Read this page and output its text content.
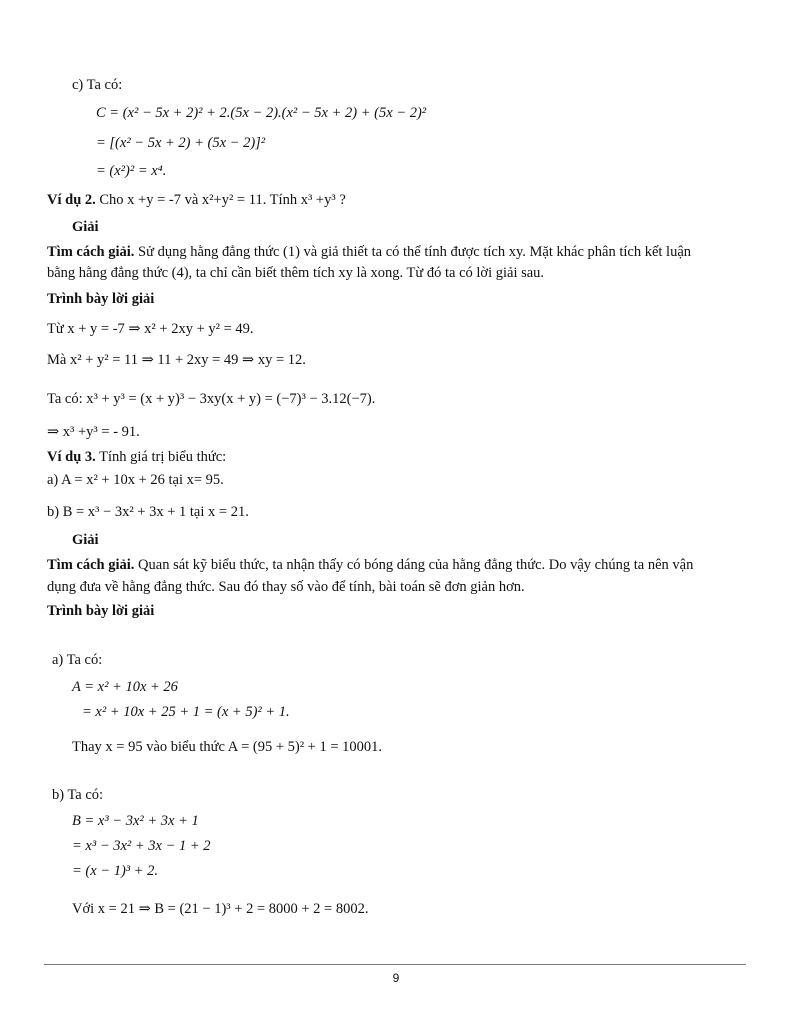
c) Ta có:
C = (x² − 5x + 2)² + 2.(5x − 2).(x² − 5x + 2) + (5x − 2)²
= [(x² − 5x + 2) + (5x − 2)]²
= (x²)² = x⁴.
Ví dụ 2. Cho x +y = -7 và x²+y² = 11. Tính x³ +y³ ?
Giải
Tìm cách giải. Sử dụng hằng đẳng thức (1) và giả thiết ta có thể tính được tích xy. Mặt khác phân tích kết luận
bằng hằng đẳng thức (4), ta chỉ cần biết thêm tích xy là xong. Từ đó ta có lời giải sau.
Trình bày lời giải
Từ x + y = -7 ⇒ x² + 2xy + y² = 49.
Mà x² + y² = 11 ⇒ 11 + 2xy = 49 ⇒ xy = 12.
Ta có: x³ + y³ = (x + y)³ − 3xy(x + y) = (−7)³ − 3.12(−7).
⇒ x³ +y³ = - 91.
Ví dụ 3. Tính giá trị biểu thức:
a) A = x² + 10x + 26 tại x= 95.
b) B = x³ − 3x² + 3x + 1 tại x = 21.
Giải
Tìm cách giải. Quan sát kỹ biểu thức, ta nhận thấy có bóng dáng của hằng đẳng thức. Do vậy chúng ta nên vận
dụng đưa về hằng đẳng thức. Sau đó thay số vào để tính, bài toán sẽ đơn giản hơn.
Trình bày lời giải
a) Ta có:
A = x² + 10x + 26
= x² + 10x + 25 + 1 = (x + 5)² + 1.
Thay x = 95 vào biểu thức A = (95 + 5)² + 1 = 10001.
b) Ta có:
B = x³ − 3x² + 3x + 1
= x³ − 3x² + 3x − 1 + 2
= (x − 1)³ + 2.
Với x = 21 ⇒ B = (21 − 1)³ + 2 = 8000 + 2 = 8002.
9
